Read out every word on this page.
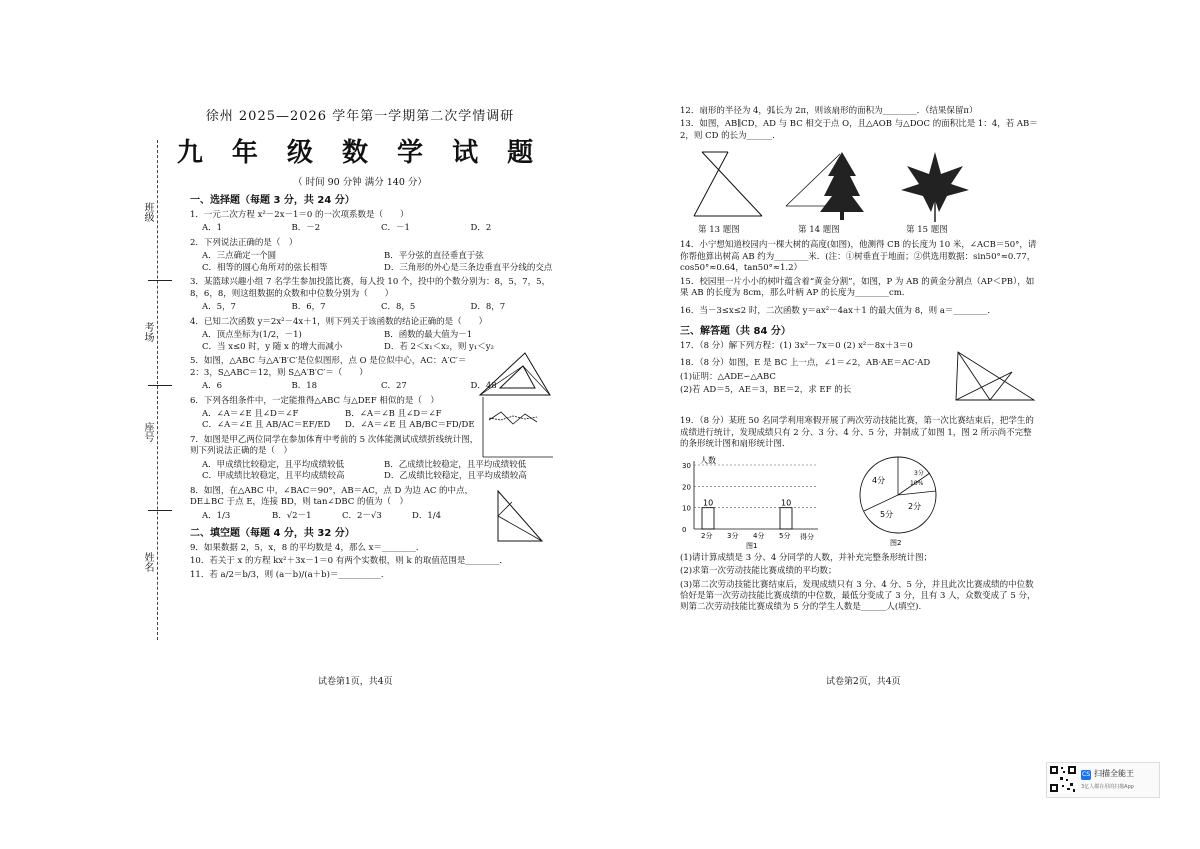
班级
考场
座号
姓名
徐州 2025—2026 学年第一学期第二次学情调研
九 年 级 数 学 试 题
（ 时间 90 分钟 满分 140 分）
一、选择题（每题 3 分，共 24 分）
1．一元二次方程 x²－2x－1＝0 的一次项系数是（　　）
A．1	B．－2	C．－1	D．2
2．下列说法正确的是（　）
A．三点确定一个圆	B．平分弦的直径垂直于弦
C．相等的圆心角所对的弦长相等	D．三角形的外心是三条边垂直平分线的交点
3．某篮球兴趣小组 7 名学生参加投篮比赛，每人投 10 个，投中的个数分别为：8，5，7，5，8，6，8，则这组数据的众数和中位数分别为（　　）
A．5，7	B．6，7	C．8，5	D．8，7
4．已知二次函数 y＝2x²－4x＋1，则下列关于该函数的结论正确的是（　　）
A．顶点坐标为(1/2，－1)	B．函数的最大值为－1
C．当 x≤0 时，y 随 x 的增大而减小	D．若 2＜x₁＜x₂，则 y₁＜y₂
5．如图，△ABC 与△A′B′C′是位似图形，点 O 是位似中心，AC：A′C′＝2：3，S△ABC＝12，则 S△A′B′C′＝（　　）
A．6	B．18	C．27	D．48
6．下列各组条件中，一定能推得△ABC 与△DEF 相似的是（　）
A．∠A＝∠E 且∠D＝∠F	B．∠A＝∠B 且∠D＝∠F
C．∠A＝∠E 且 AB/AC＝EF/ED	D．∠A＝∠E 且 AB/BC＝FD/DE
7．如图是甲乙两位同学在参加体育中考前的 5 次体能测试成绩折线统计图，则下列说法正确的是（　）
A．甲成绩比较稳定，且平均成绩较低	B．乙成绩比较稳定，且平均成绩较低
C．甲成绩比较稳定，且平均成绩较高	D．乙成绩比较稳定，且平均成绩较高
8．如图，在△ABC 中，∠BAC＝90°，AB＝AC，点 D 为边 AC 的中点，DE⊥BC 于点 E，连接 BD，则 tan∠DBC 的值为（　）
A．1/3	B．√2－1	C．2－√3	D．1/4
二、填空题（每题 4 分，共 32 分）
9．如果数据 2，5，x，8 的平均数是 4，那么 x＝________．
10．若关于 x 的方程 kx²＋3x－1＝0 有两个实数根，则 k 的取值范围是________．
11．若 a/2＝b/3，则 (a－b)/(a＋b)＝__________．
试卷第1页，共4页
12．扇形的半径为 4，弧长为 2π，则该扇形的面积为________．（结果保留π）
13．如图，AB∥CD，AD 与 BC 相交于点 O，且△AOB 与△DOC 的面积比是 1：4，若 AB＝2，则 CD 的长为______．
第 13 题图	第 14 题图	第 15 题图
14．小宁想知道校园内一棵大树的高度(如图)，他测得 CB 的长度为 10 米，∠ACB＝50°，请你帮他算出树高 AB 约为________米．(注：①树垂直于地面；②供选用数据：sin50°≈0.77，cos50°≈0.64，tan50°≈1.2）
15．校园里一片小小的树叶蕴含着“黄金分割”，如图，P 为 AB 的黄金分割点（AP＜PB），如果 AB 的长度为 8cm，那么叶柄 AP 的长度为________cm．
16．当－3≤x≤2 时，二次函数 y＝ax²－4ax＋1 的最大值为 8，则 a＝________．
三、解答题（共 84 分）
17．（8 分）解下列方程：(1) 3x²－7x＝0 (2) x²－8x＋3＝0
18．（8 分）如图，E 是 BC 上一点，∠1＝∠2，AB·AE＝AC·AD
(1)证明：△ADE∽△ABC
(2)若 AD＝5，AE＝3，BE＝2，求 EF 的长
19．（8 分）某班 50 名同学利用寒假开展了两次劳动技能比赛，第一次比赛结束后，把学生的成绩进行统计，发现成绩只有 2 分、3 分、4 分、5 分，并制成了如图 1，图 2 所示尚不完整的条形统计图和扇形统计图．
人数
得分
图1
0
10
20
30
10
2分 3分 4分
10
5分
4分
3分
10%
2分
5分
图2
(1)请计算成绩是 3 分、4 分同学的人数，并补充完整条形统计图；
(2)求第一次劳动技能比赛成绩的平均数；
(3)第二次劳动技能比赛结束后，发现成绩只有 3 分、4 分、5 分，并且此次比赛成绩的中位数恰好是第一次劳动技能比赛成绩的中位数，最低分变成了 3 分，且有 3 人，众数变成了 5 分，则第二次劳动技能比赛成绩为 5 分的学生人数是______人(填空).
试卷第2页，共4页
CS 扫描全能王
3亿人都在用的扫描App
